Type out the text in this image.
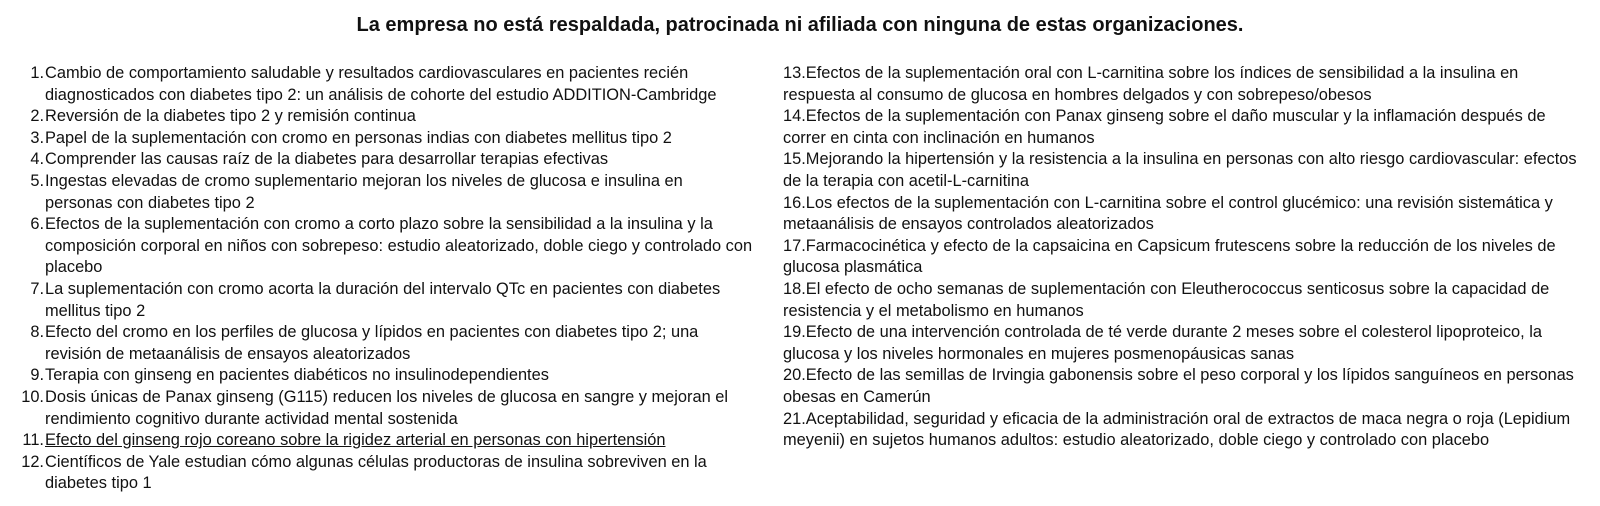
La empresa no está respaldada, patrocinada ni afiliada con ninguna de estas organizaciones.
1. Cambio de comportamiento saludable y resultados cardiovasculares en pacientes recién diagnosticados con diabetes tipo 2: un análisis de cohorte del estudio ADDITION-Cambridge
2. Reversión de la diabetes tipo 2 y remisión continua
3. Papel de la suplementación con cromo en personas indias con diabetes mellitus tipo 2
4. Comprender las causas raíz de la diabetes para desarrollar terapias efectivas
5. Ingestas elevadas de cromo suplementario mejoran los niveles de glucosa e insulina en personas con diabetes tipo 2
6. Efectos de la suplementación con cromo a corto plazo sobre la sensibilidad a la insulina y la composición corporal en niños con sobrepeso: estudio aleatorizado, doble ciego y controlado con placebo
7. La suplementación con cromo acorta la duración del intervalo QTc en pacientes con diabetes mellitus tipo 2
8. Efecto del cromo en los perfiles de glucosa y lípidos en pacientes con diabetes tipo 2; una revisión de metaanálisis de ensayos aleatorizados
9. Terapia con ginseng en pacientes diabéticos no insulinodependientes
10. Dosis únicas de Panax ginseng (G115) reducen los niveles de glucosa en sangre y mejoran el rendimiento cognitivo durante actividad mental sostenida
11. Efecto del ginseng rojo coreano sobre la rigidez arterial en personas con hipertensión
12. Científicos de Yale estudian cómo algunas células productoras de insulina sobreviven en la diabetes tipo 1
13.Efectos de la suplementación oral con L-carnitina sobre los índices de sensibilidad a la insulina en respuesta al consumo de glucosa en hombres delgados y con sobrepeso/obesos
14.Efectos de la suplementación con Panax ginseng sobre el daño muscular y la inflamación después de correr en cinta con inclinación en humanos
15.Mejorando la hipertensión y la resistencia a la insulina en personas con alto riesgo cardiovascular: efectos de la terapia con acetil-L-carnitina
16.Los efectos de la suplementación con L-carnitina sobre el control glucémico: una revisión sistemática y metaanálisis de ensayos controlados aleatorizados
17.Farmacocinética y efecto de la capsaicina en Capsicum frutescens sobre la reducción de los niveles de glucosa plasmática
18.El efecto de ocho semanas de suplementación con Eleutherococcus senticosus sobre la capacidad de resistencia y el metabolismo en humanos
19.Efecto de una intervención controlada de té verde durante 2 meses sobre el colesterol lipoproteico, la glucosa y los niveles hormonales en mujeres posmenopáusicas sanas
20.Efecto de las semillas de Irvingia gabonensis sobre el peso corporal y los lípidos sanguíneos en personas obesas en Camerún
21.Aceptabilidad, seguridad y eficacia de la administración oral de extractos de maca negra o roja (Lepidium meyenii) en sujetos humanos adultos: estudio aleatorizado, doble ciego y controlado con placebo
